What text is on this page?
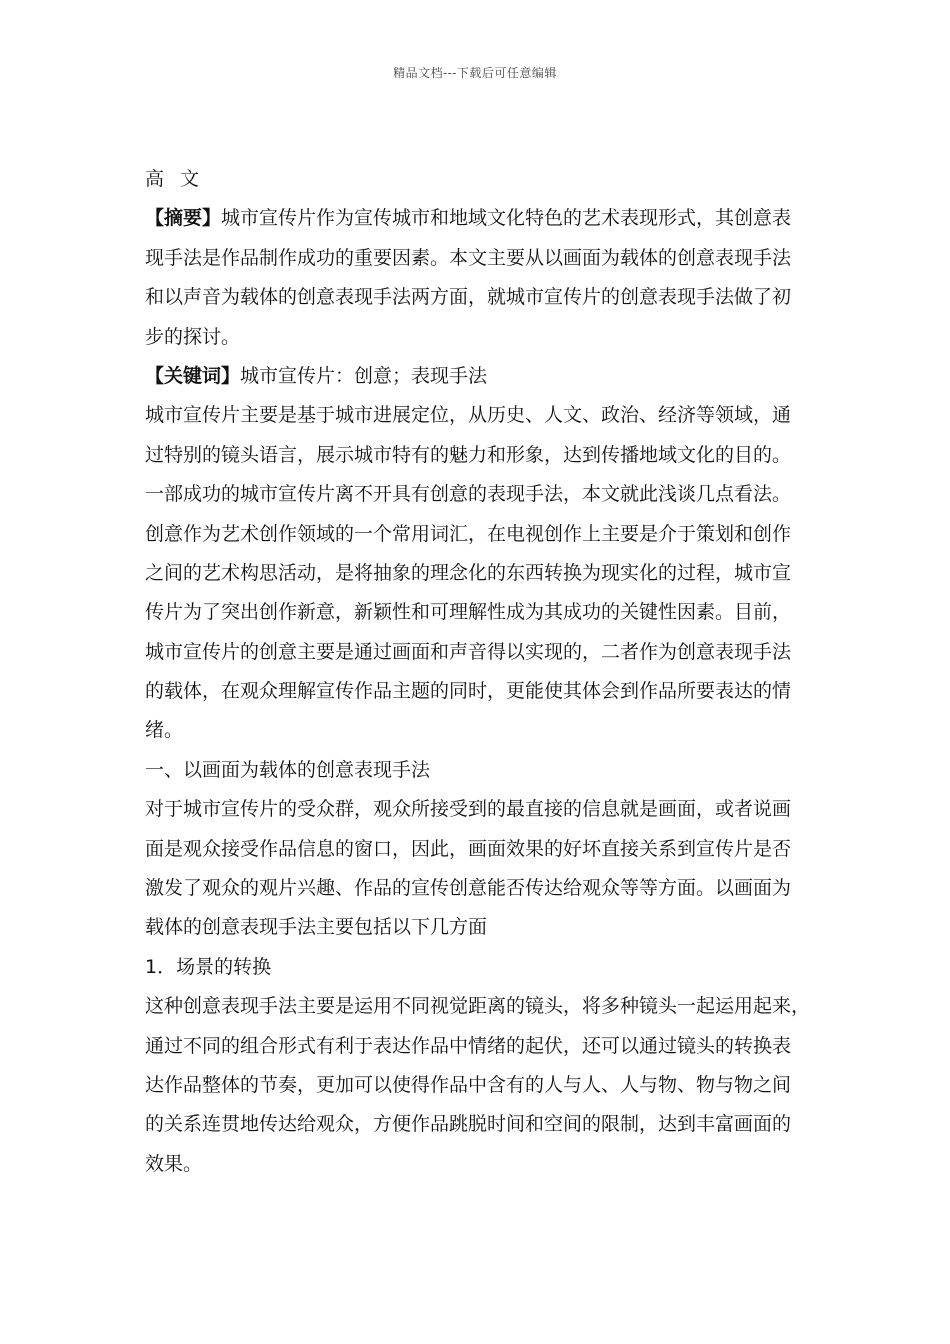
精品文档---下载后可任意编辑
高文
【摘要】城市宣传片作为宣传城市和地域文化特色的艺术表现形式，其创意表
现手法是作品制作成功的重要因素。本文主要从以画面为载体的创意表现手法
和以声音为载体的创意表现手法两方面，就城市宣传片的创意表现手法做了初
步的探讨。
【关键词】城市宣传片：创意；表现手法
城市宣传片主要是基于城市进展定位，从历史、人文、政治、经济等领域，通
过特别的镜头语言，展示城市特有的魅力和形象，达到传播地域文化的目的。
一部成功的城市宣传片离不开具有创意的表现手法，本文就此浅谈几点看法。
创意作为艺术创作领域的一个常用词汇，在电视创作上主要是介于策划和创作
之间的艺术构思活动，是将抽象的理念化的东西转换为现实化的过程，城市宣
传片为了突出创作新意，新颖性和可理解性成为其成功的关键性因素。目前，
城市宣传片的创意主要是通过画面和声音得以实现的，二者作为创意表现手法
的载体，在观众理解宣传作品主题的同时，更能使其体会到作品所要表达的情
绪。
一、以画面为载体的创意表现手法
对于城市宣传片的受众群，观众所接受到的最直接的信息就是画面，或者说画
面是观众接受作品信息的窗口，因此，画面效果的好坏直接关系到宣传片是否
激发了观众的观片兴趣、作品的宣传创意能否传达给观众等等方面。以画面为
载体的创意表现手法主要包括以下几方面
1．场景的转换
这种创意表现手法主要是运用不同视觉距离的镜头，将多种镜头一起运用起来，
通过不同的组合形式有利于表达作品中情绪的起伏，还可以通过镜头的转换表
达作品整体的节奏，更加可以使得作品中含有的人与人、人与物、物与物之间
的关系连贯地传达给观众，方便作品跳脱时间和空间的限制，达到丰富画面的
效果。
